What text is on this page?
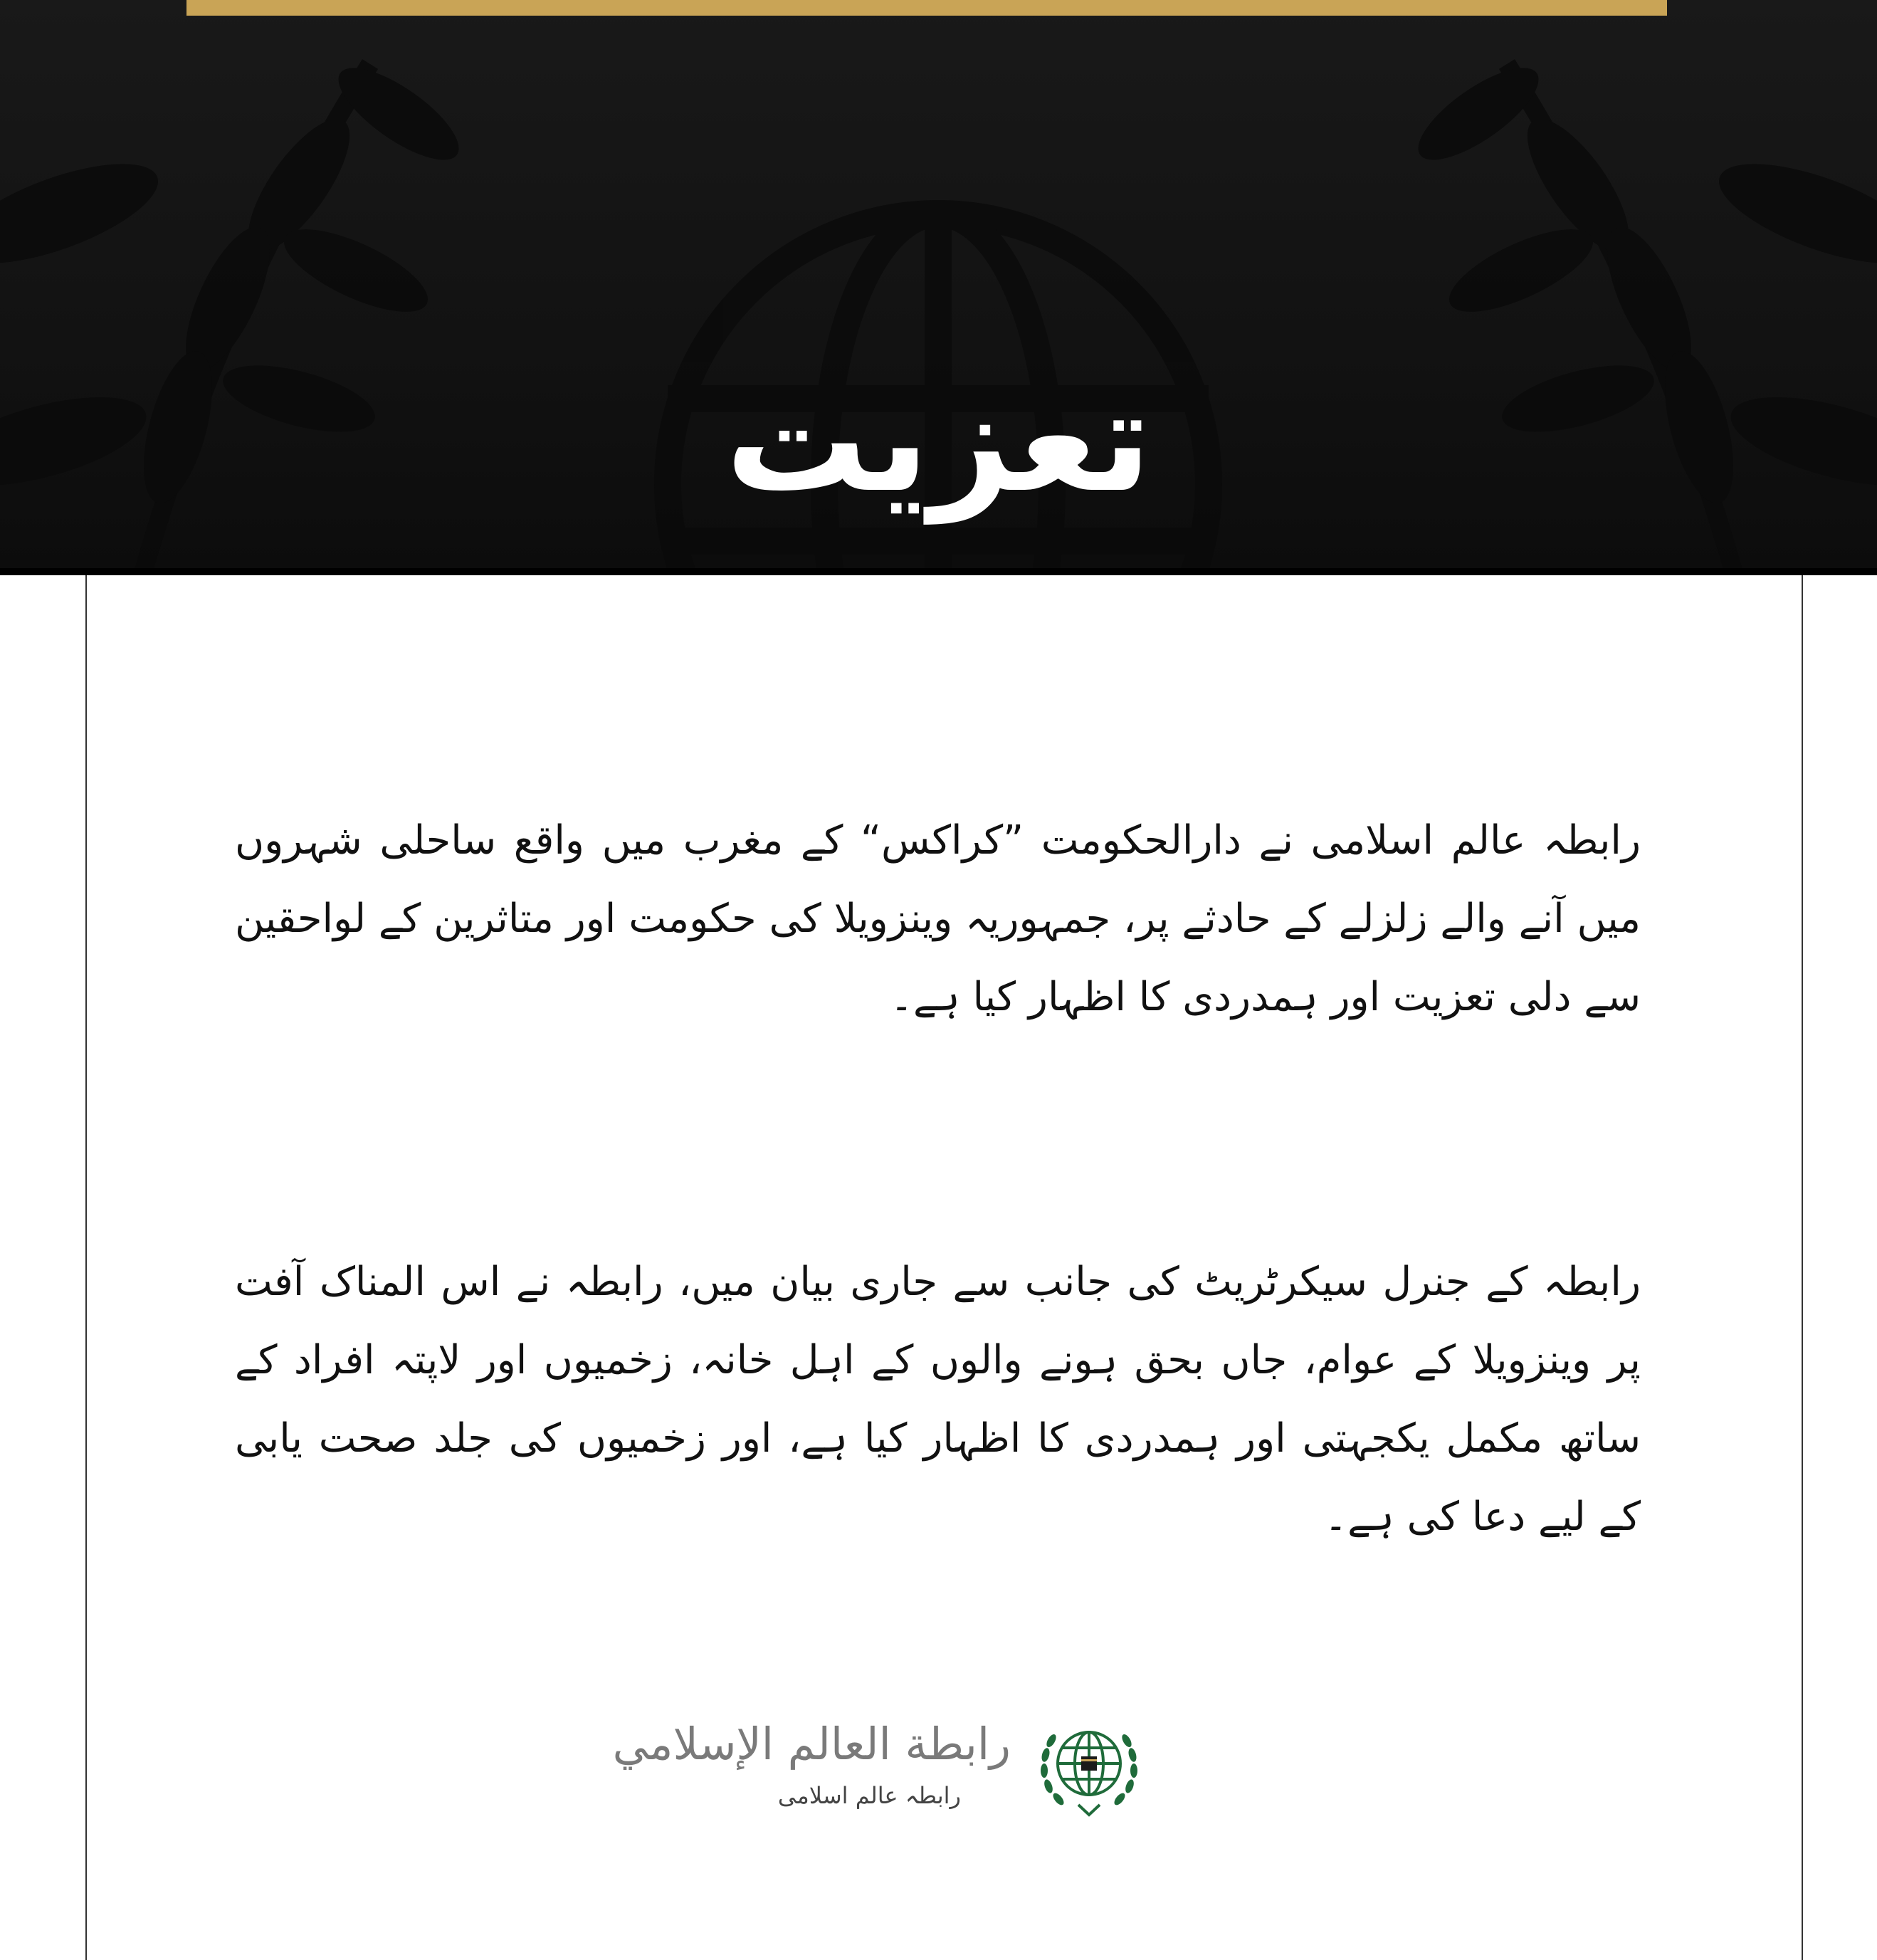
تعزیت

رابطہ عالم اسلامی نے دارالحکومت ”کراکس“ کے مغرب میں واقع ساحلی شہروں میں آنے والے زلزلے کے حادثے پر، جمہوریہ وینزویلا کی حکومت اور متاثرین کے لواحقین سے دلی تعزیت اور ہمدردی کا اظہار کیا ہے۔

رابطہ کے جنرل سیکرٹریٹ کی جانب سے جاری بیان میں، رابطہ نے اس المناک آفت پر وینزویلا کے عوام، جاں بحق ہونے والوں کے اہل خانہ، زخمیوں اور لاپتہ افراد کے ساتھ مکمل یکجہتی اور ہمدردی کا اظہار کیا ہے، اور زخمیوں کی جلد صحت یابی کے لیے دعا کی ہے۔

رابطة العالم الإسلامي
رابطہ عالم اسلامی
